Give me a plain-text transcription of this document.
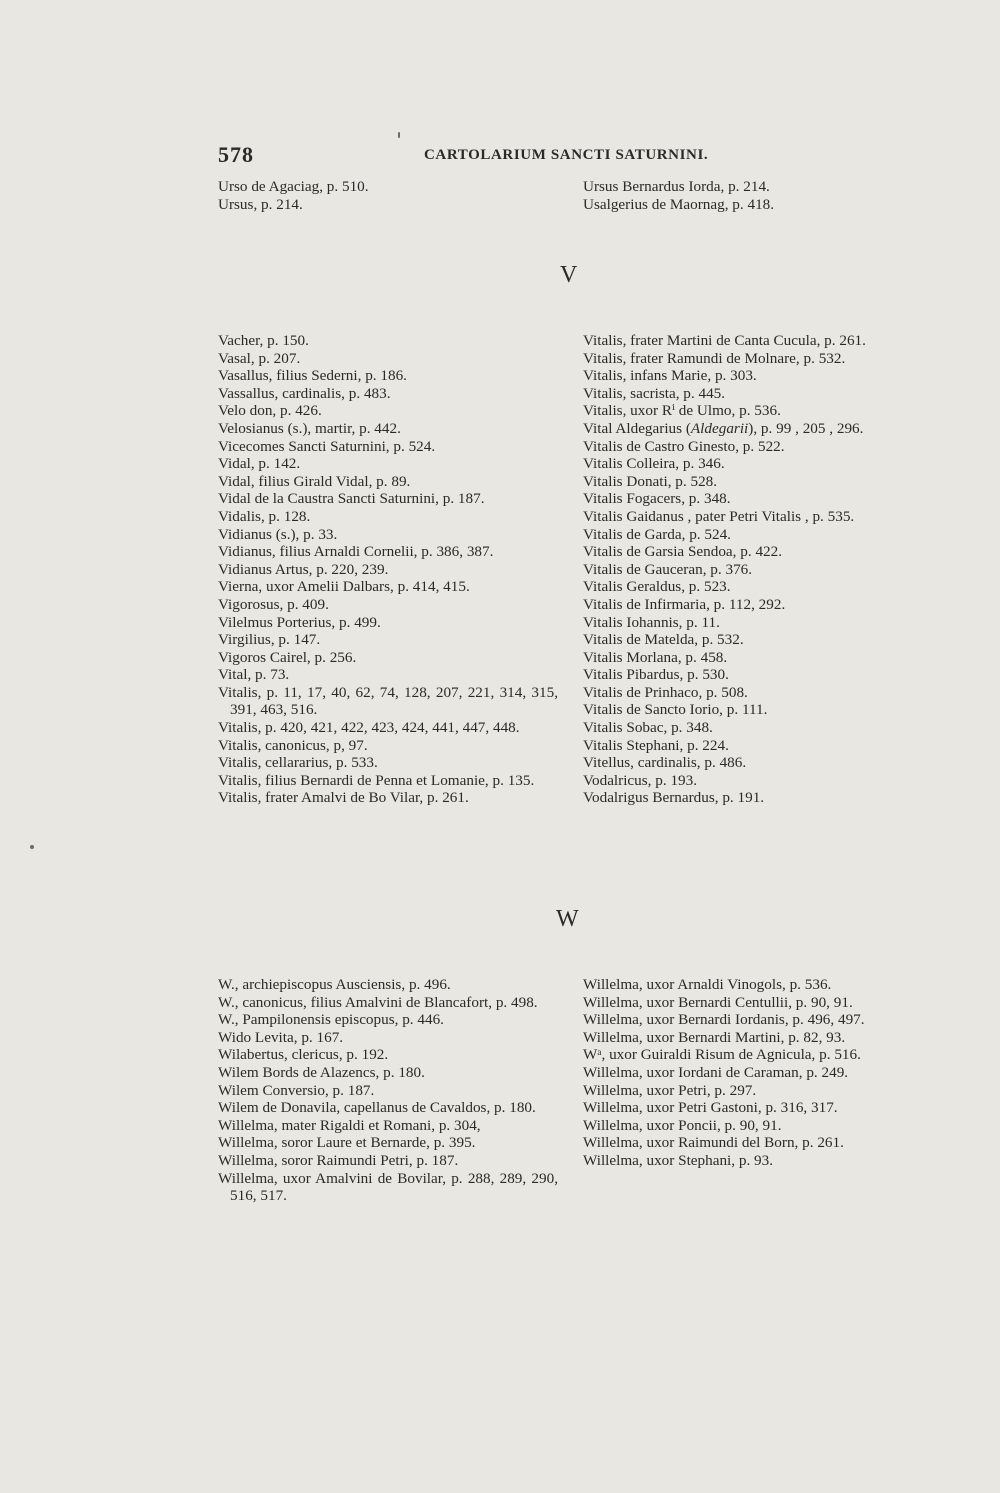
578	CARTOLARIUM SANCTI SATURNINI.

Urso de Agaciag, p. 510.

Ursus, p. 214.

Ursus Bernardus Iorda, p. 214.

Usalgerius de Maornag, p. 418.

V

Vacher, p. 150.

Vasal, p. 207.

Vasallus, filius Sederni, p. 186.

Vassallus, cardinalis, p. 483.

Velo don, p. 426.

Velosianus (s.), martir, p. 442.

Vicecomes Sancti Saturnini, p. 524.

Vidal, p. 142.

Vidal, filius Girald Vidal, p. 89.

Vidal de la Caustra Sancti Saturnini, p. 187.

Vidalis, p. 128.

Vidianus (s.), p. 33.

Vidianus, filius Arnaldi Cornelii, p. 386, 387.

Vidianus Artus, p. 220, 239.

Vierna, uxor Amelii Dalbars, p. 414, 415.

Vigorosus, p. 409.

Vilelmus Porterius, p. 499.

Virgilius, p. 147.

Vigoros Cairel, p. 256.

Vital, p. 73.

Vitalis, p. 11, 17, 40, 62, 74, 128, 207, 221, 314, 315, 391, 463, 516.

Vitalis, p. 420, 421, 422, 423, 424, 441, 447, 448.

Vitalis, canonicus, p, 97.

Vitalis, cellararius, p. 533.

Vitalis, filius Bernardi de Penna et Lomanie, p. 135.

Vitalis, frater Amalvi de Bo Vilar, p. 261.

Vitalis, frater Martini de Canta Cucula, p. 261.

Vitalis, frater Ramundi de Molnare, p. 532.

Vitalis, infans Marie, p. 303.

Vitalis, sacrista, p. 445.

Vitalis, uxor Rⁱ de Ulmo, p. 536.

Vital Aldegarius (Aldegarii), p. 99 , 205 , 296.

Vitalis de Castro Ginesto, p. 522.

Vitalis Colleira, p. 346.

Vitalis Donati, p. 528.

Vitalis Fogacers, p. 348.

Vitalis Gaidanus , pater Petri Vitalis , p. 535.

Vitalis de Garda, p. 524.

Vitalis de Garsia Sendoa, p. 422.

Vitalis de Gauceran, p. 376.

Vitalis Geraldus, p. 523.

Vitalis de Infirmaria, p. 112, 292.

Vitalis Iohannis, p. 11.

Vitalis de Matelda, p. 532.

Vitalis Morlana, p. 458.

Vitalis Pibardus, p. 530.

Vitalis de Prinhaco, p. 508.

Vitalis de Sancto Iorio, p. 111.

Vitalis Sobac, p. 348.

Vitalis Stephani, p. 224.

Vitellus, cardinalis, p. 486.

Vodalricus, p. 193.

Vodalrigus Bernardus, p. 191.

W

W., archiepiscopus Ausciensis, p. 496.

W., canonicus, filius Amalvini de Blancafort, p. 498.

W., Pampilonensis episcopus, p. 446.

Wido Levita, p. 167.

Wilabertus, clericus, p. 192.

Wilem Bords de Alazencs, p. 180.

Wilem Conversio, p. 187.

Wilem de Donavila, capellanus de Cavaldos, p. 180.

Willelma, mater Rigaldi et Romani, p. 304,

Willelma, soror Laure et Bernarde, p. 395.

Willelma, soror Raimundi Petri, p. 187.

Willelma, uxor Amalvini de Bovilar, p. 288, 289, 290, 516, 517.

Willelma, uxor Arnaldi Vinogols, p. 536.

Willelma, uxor Bernardi Centullii, p. 90, 91.

Willelma, uxor Bernardi Iordanis, p. 496, 497.

Willelma, uxor Bernardi Martini, p. 82, 93.

Wᵃ, uxor Guiraldi Risum de Agnicula, p. 516.

Willelma, uxor Iordani de Caraman, p. 249.

Willelma, uxor Petri, p. 297.

Willelma, uxor Petri Gastoni, p. 316, 317.

Willelma, uxor Poncii, p. 90, 91.

Willelma, uxor Raimundi del Born, p. 261.

Willelma, uxor Stephani, p. 93.
